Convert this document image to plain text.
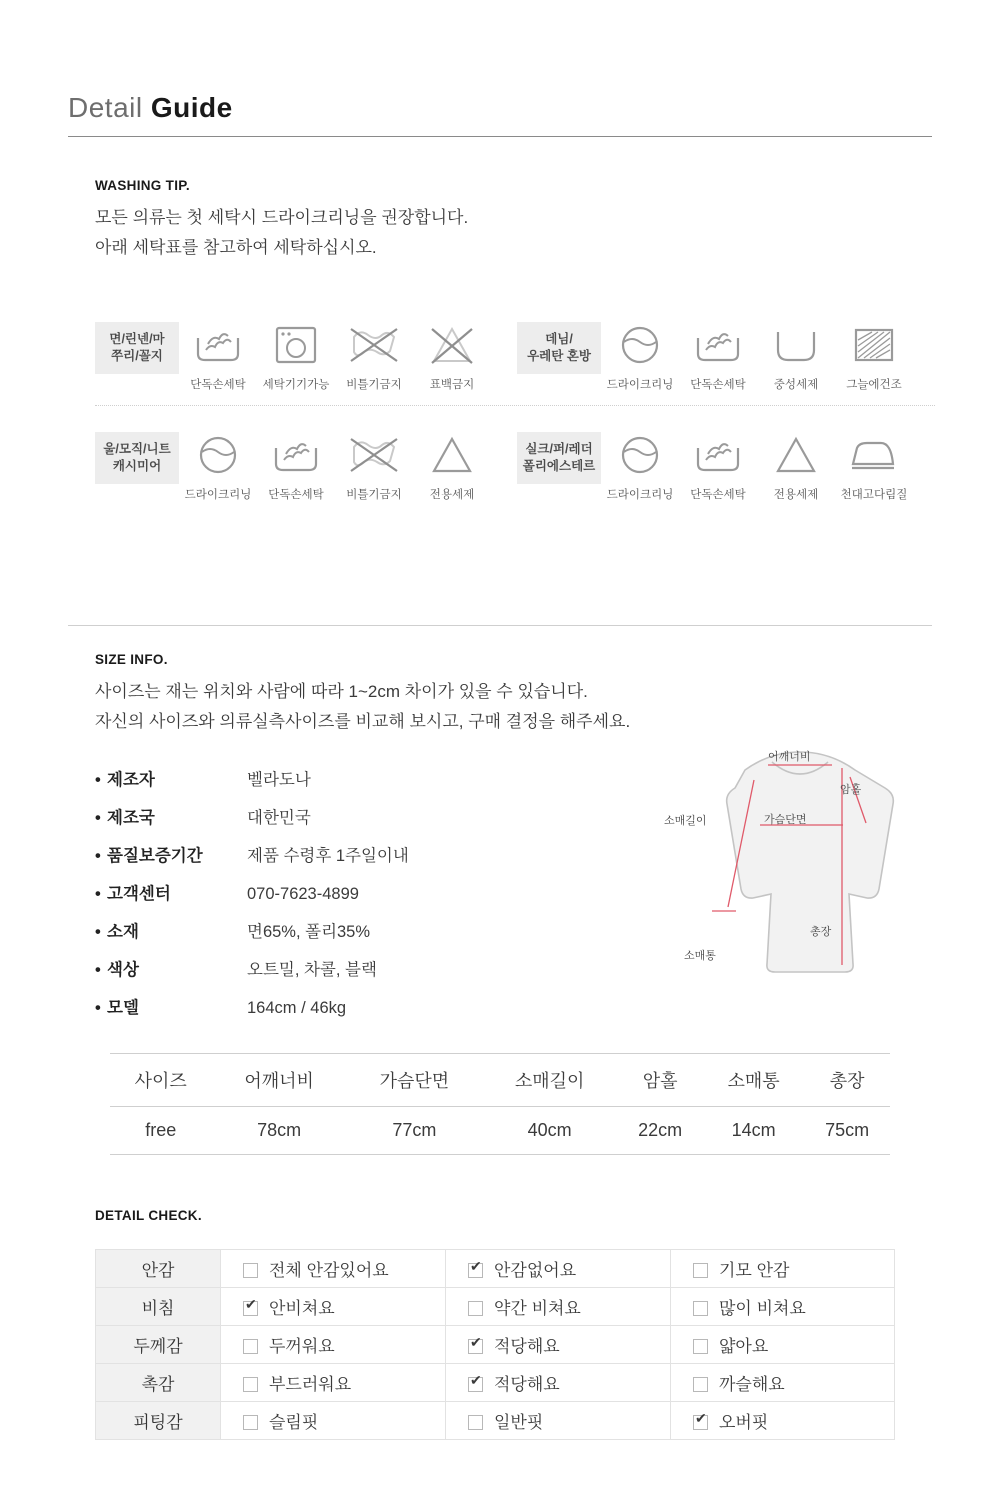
Detail Guide
WASHING TIP.
모든 의류는 첫 세탁시 드라이크리닝을 권장합니다.
아래 세탁표를 참고하여 세탁하십시오.
면/린넨/마
쭈리/꼴지
단독손세탁	세탁기기가능	비틀기금지	표백금지
데님/
우레탄 혼방
드라이크리닝	단독손세탁	중성세제	그늘에건조
울/모직/니트
캐시미어
드라이크리닝	단독손세탁	비틀기금지	전용세제
실크/퍼/레더
폴리에스테르
드라이크리닝	단독손세탁	전용세제	천대고다림질
SIZE INFO.
사이즈는 재는 위치와 사람에 따라 1~2cm 차이가 있을 수 있습니다.
자신의 사이즈와 의류실측사이즈를 비교해 보시고, 구매 결정을 해주세요.
• 제조자	벨라도나
• 제조국	대한민국
• 품질보증기간	제품 수령후 1주일이내
• 고객센터	070-7623-4899
• 소재	면65%, 폴리35%
• 색상	오트밀, 차콜, 블랙
• 모델	164cm / 46kg
어깨너비
암홀
소매길이	가슴단면
총장
소매통
사이즈	어깨너비	가슴단면	소매길이	암홀	소매통	총장
free	78cm	77cm	40cm	22cm	14cm	75cm
DETAIL CHECK.
안감	전체 안감있어요	✔안감없어요	기모 안감
비침	✔안비쳐요	약간 비쳐요	많이 비쳐요
두께감	두꺼워요	✔적당해요	얇아요
촉감	부드러워요	✔적당해요	까슬해요
피팅감	슬림핏	일반핏	✔오버핏
